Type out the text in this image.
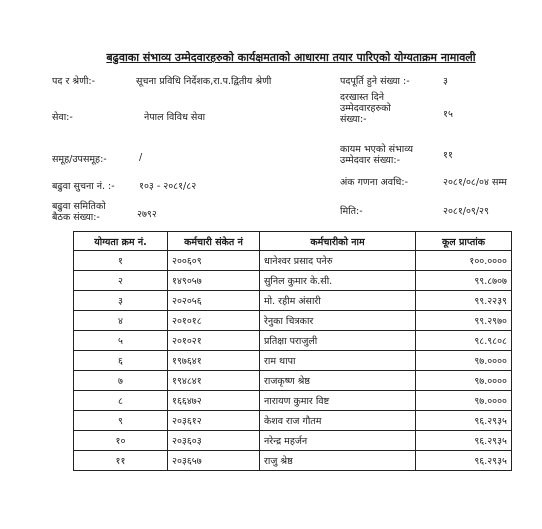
बढुवाका संभाव्य उम्मेदवारहरुको कार्यक्षमताको आधारमा तयार पारिएको योग्यताक्रम नामावली
पद र श्रेणी:-	सूचना प्रविधि निर्देशक,रा.प.द्वितीय श्रेणी
सेवा:-	नेपाल विविध सेवा
समूह/उपसमूह:-	/
बढुवा सुचना नं. :-	१०३ - २०८१/८२
बढुवा समितिको
बैठक संख्या:-	२७९२
पदपूर्ति हुने संख्या :-	३
दरखास्त दिने
उम्मेदवारहरुको
संख्या:-	१५
कायम भएको संभाव्य
उम्मेदवार संख्या:-	११
अंक गणना अवधि:-	२०८१/०८/०४ सम्म
मिति:-	२०८१/०९/२९
योग्यता क्रम नं.	कर्मचारी संकेत नं	कर्मचारीको नाम	कूल प्राप्तांक
१	२००६०९	धानेश्वर प्रसाद पनेरु	१००.००००
२	१४९०५७	सुनिल कुमार के.सी.	९९.८७०७
३	२०२०५६	मो. रहीम अंसारी	९९.२२३९
४	२०१०१८	रेनुका चित्रकार	९९.२९७०
५	२०१०२१	प्रतिक्षा पराजुली	९८.९८०८
६	१९७६४१	राम थापा	९७.००००
७	१९४८४१	राजकृष्ण श्रेष्ठ	९७.००००
८	१६६४७२	नारायण कुमार विष्ट	९७.००००
९	२०३६१२	केशव राज गौतम	९६.२९३५
१०	२०३६०३	नरेन्द्र महर्जन	९६.२९३५
११	२०३६५७	राजु श्रेष्ठ	९६.२९३५
